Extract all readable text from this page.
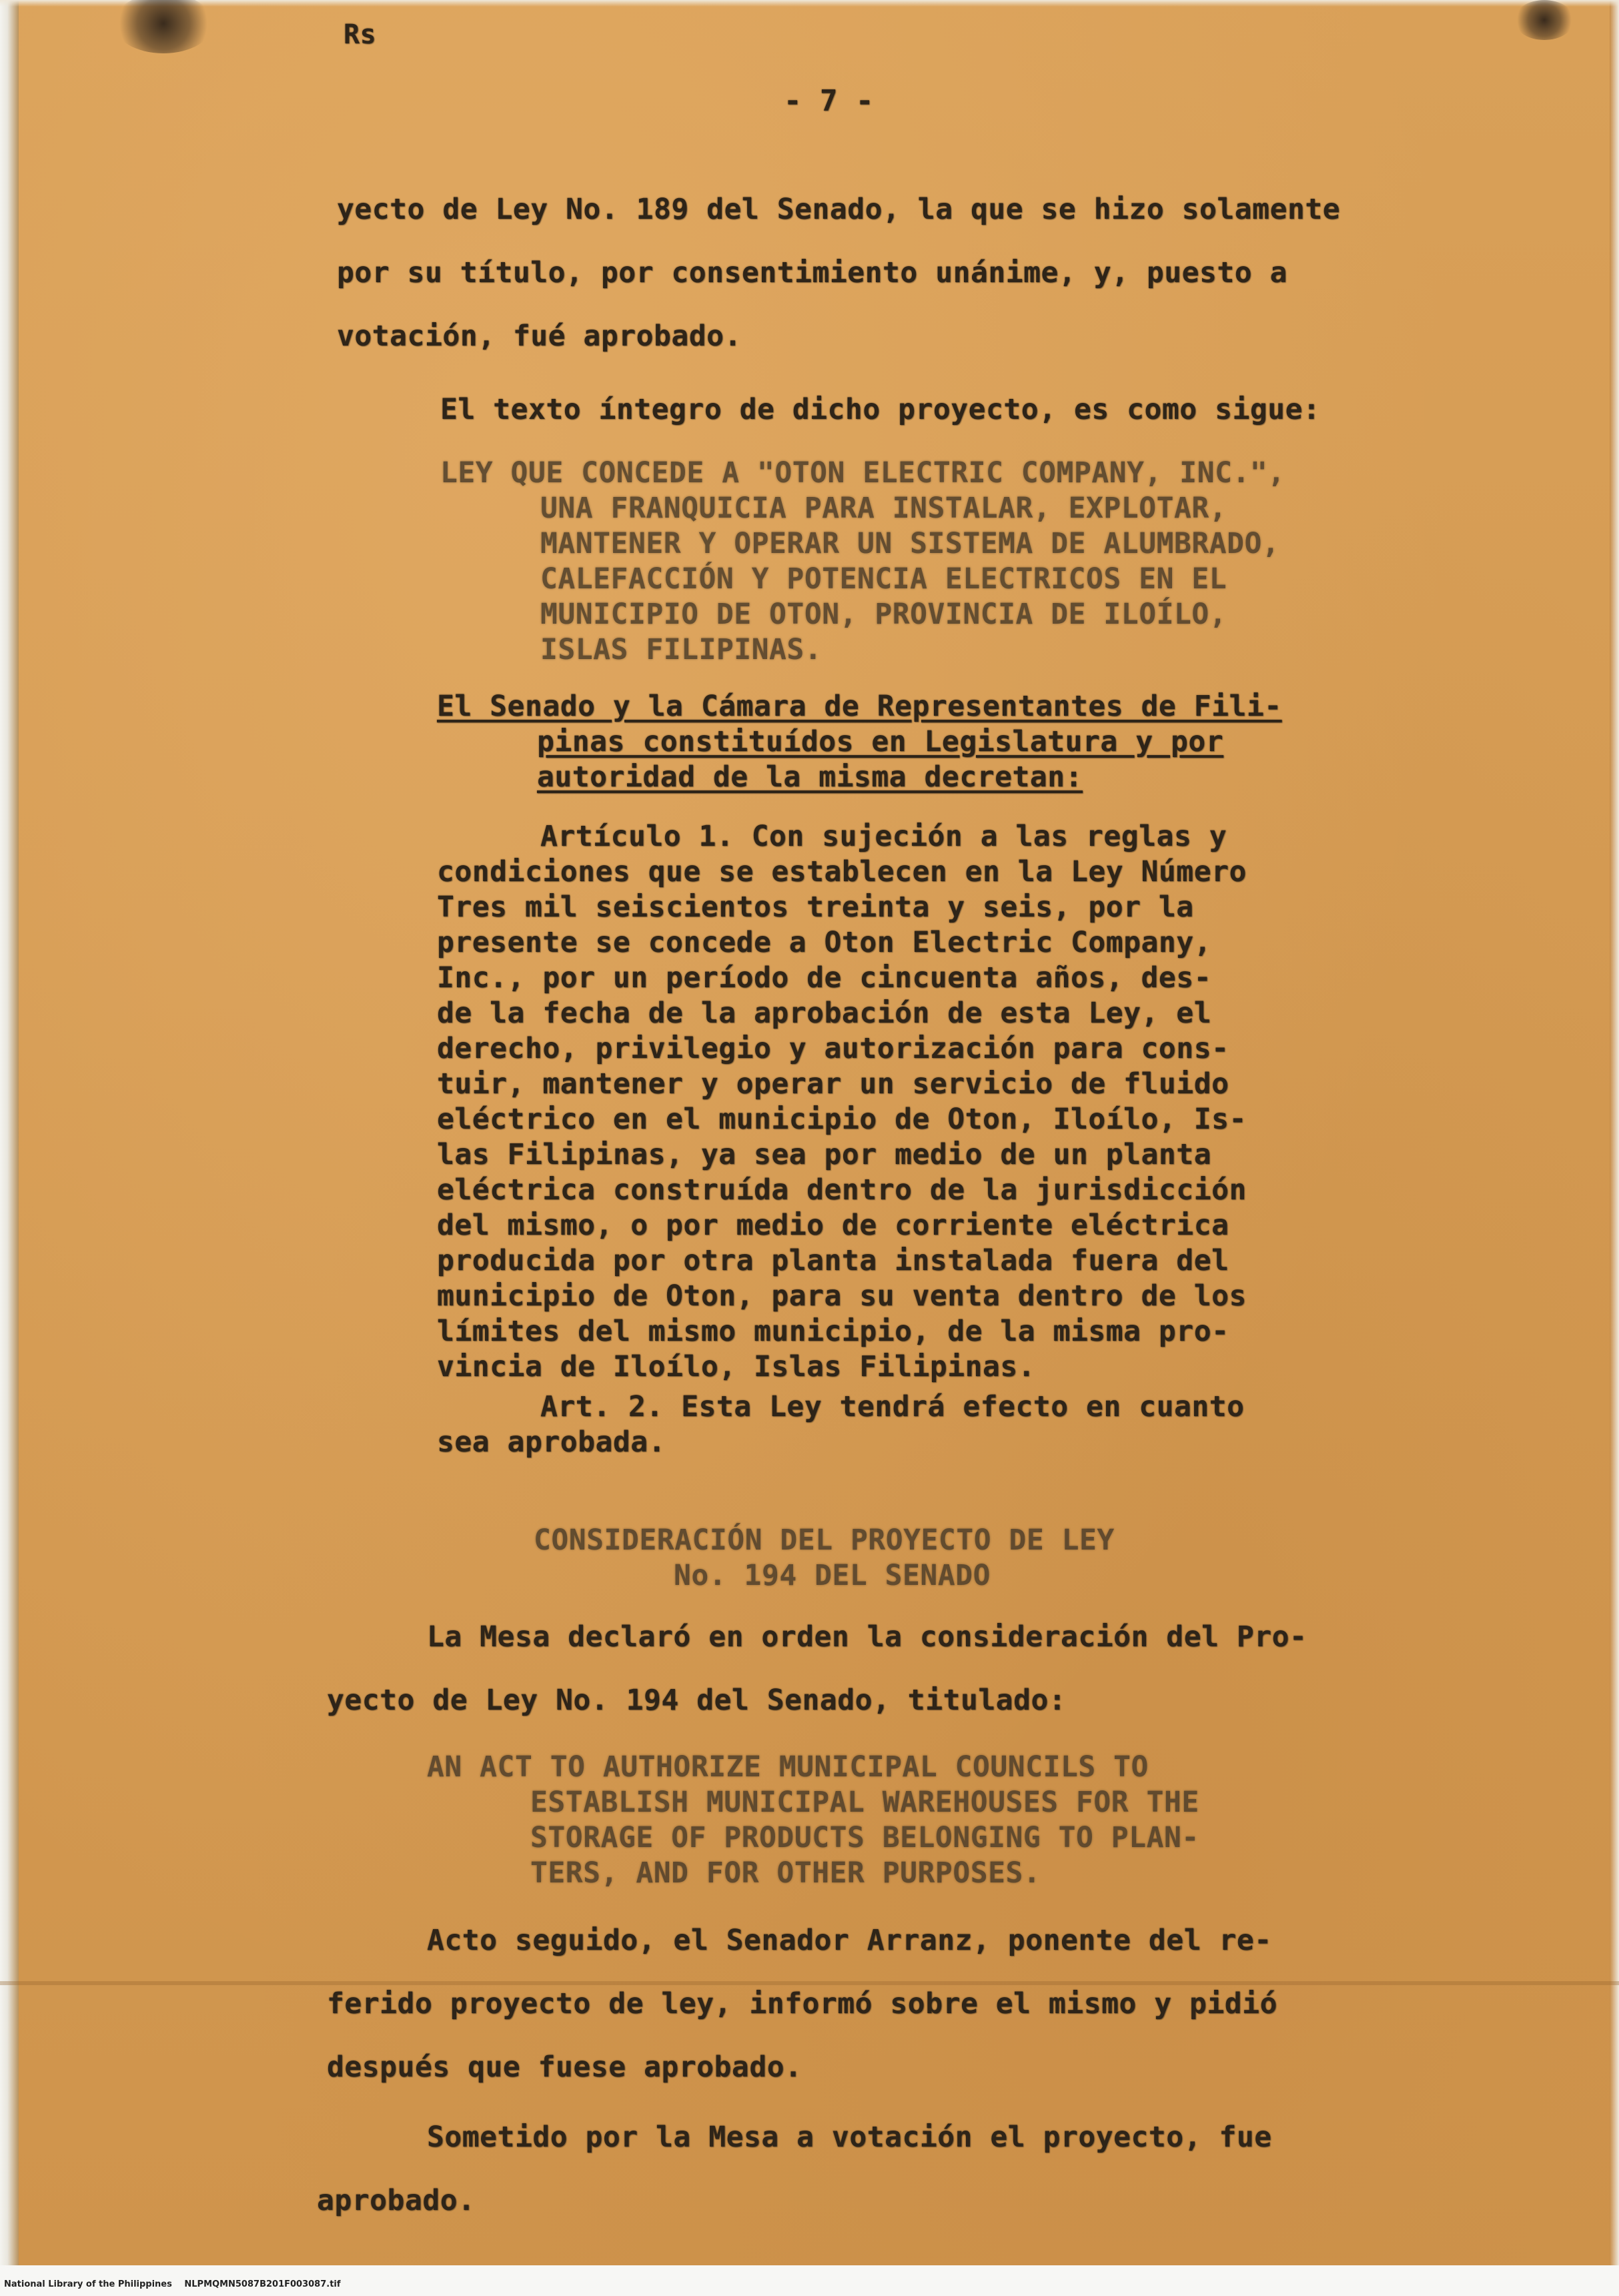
Rs
- 7 -
yecto de Ley No. 189 del Senado, la que se hizo solamente
por su título, por consentimiento unánime, y, puesto a
votación, fué aprobado.
El texto íntegro de dicho proyecto, es como sigue:
LEY QUE CONCEDE A "OTON ELECTRIC COMPANY, INC.",
UNA FRANQUICIA PARA INSTALAR, EXPLOTAR,
MANTENER Y OPERAR UN SISTEMA DE ALUMBRADO,
CALEFACCIÓN Y POTENCIA ELECTRICOS EN EL
MUNICIPIO DE OTON, PROVINCIA DE ILOÍLO,
ISLAS FILIPINAS.
El Senado y la Cámara de Representantes de Fili-
pinas constituídos en Legislatura y por
autoridad de la misma decretan:
Artículo 1. Con sujeción a las reglas y
condiciones que se establecen en la Ley Número
Tres mil seiscientos treinta y seis, por la
presente se concede a Oton Electric Company,
Inc., por un período de cincuenta años, des-
de la fecha de la aprobación de esta Ley, el
derecho, privilegio y autorización para cons-
tuir, mantener y operar un servicio de fluido
eléctrico en el municipio de Oton, Iloílo, Is-
las Filipinas, ya sea por medio de un planta
eléctrica construída dentro de la jurisdicción
del mismo, o por medio de corriente eléctrica
producida por otra planta instalada fuera del
municipio de Oton, para su venta dentro de los
límites del mismo municipio, de la misma pro-
vincia de Iloílo, Islas Filipinas.
Art. 2. Esta Ley tendrá efecto en cuanto
sea aprobada.
CONSIDERACIÓN DEL PROYECTO DE LEY
No. 194 DEL SENADO
La Mesa declaró en orden la consideración del Pro-
yecto de Ley No. 194 del Senado, titulado:
AN ACT TO AUTHORIZE MUNICIPAL COUNCILS TO
ESTABLISH MUNICIPAL WAREHOUSES FOR THE
STORAGE OF PRODUCTS BELONGING TO PLAN-
TERS, AND FOR OTHER PURPOSES.
Acto seguido, el Senador Arranz, ponente del re-
ferido proyecto de ley, informó sobre el mismo y pidió
después que fuese aprobado.
Sometido por la Mesa a votación el proyecto, fue
aprobado.
National Library of the Philippines NLPMQMN5087B201F003087.tif
